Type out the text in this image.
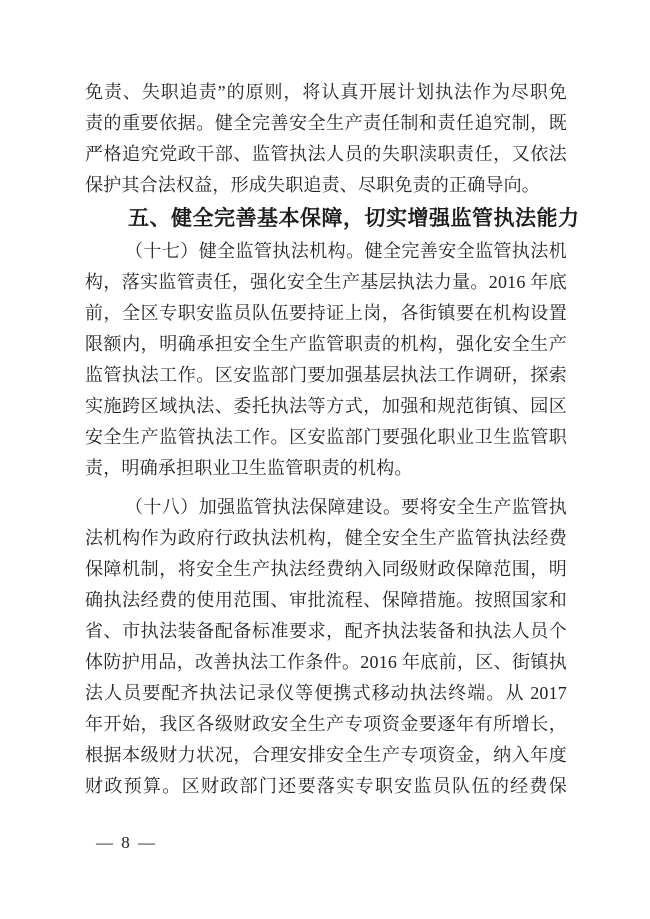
免责、失职追责”的原则，将认真开展计划执法作为尽职免
责的重要依据。健全完善安全生产责任制和责任追究制，既
严格追究党政干部、监管执法人员的失职渎职责任，又依法
保护其合法权益，形成失职追责、尽职免责的正确导向。
五、健全完善基本保障，切实增强监管执法能力
（十七）健全监管执法机构。健全完善安全监管执法机
构，落实监管责任，强化安全生产基层执法力量。2016 年底
前，全区专职安监员队伍要持证上岗，各街镇要在机构设置
限额内，明确承担安全生产监管职责的机构，强化安全生产
监管执法工作。区安监部门要加强基层执法工作调研，探索
实施跨区域执法、委托执法等方式，加强和规范街镇、园区
安全生产监管执法工作。区安监部门要强化职业卫生监管职
责，明确承担职业卫生监管职责的机构。
（十八）加强监管执法保障建设。要将安全生产监管执
法机构作为政府行政执法机构，健全安全生产监管执法经费
保障机制，将安全生产执法经费纳入同级财政保障范围，明
确执法经费的使用范围、审批流程、保障措施。按照国家和
省、市执法装备配备标准要求，配齐执法装备和执法人员个
体防护用品，改善执法工作条件。2016 年底前，区、街镇执
法人员要配齐执法记录仪等便携式移动执法终端。从 2017
年开始，我区各级财政安全生产专项资金要逐年有所增长，
根据本级财力状况，合理安排安全生产专项资金，纳入年度
财政预算。区财政部门还要落实专职安监员队伍的经费保
— 8 —
